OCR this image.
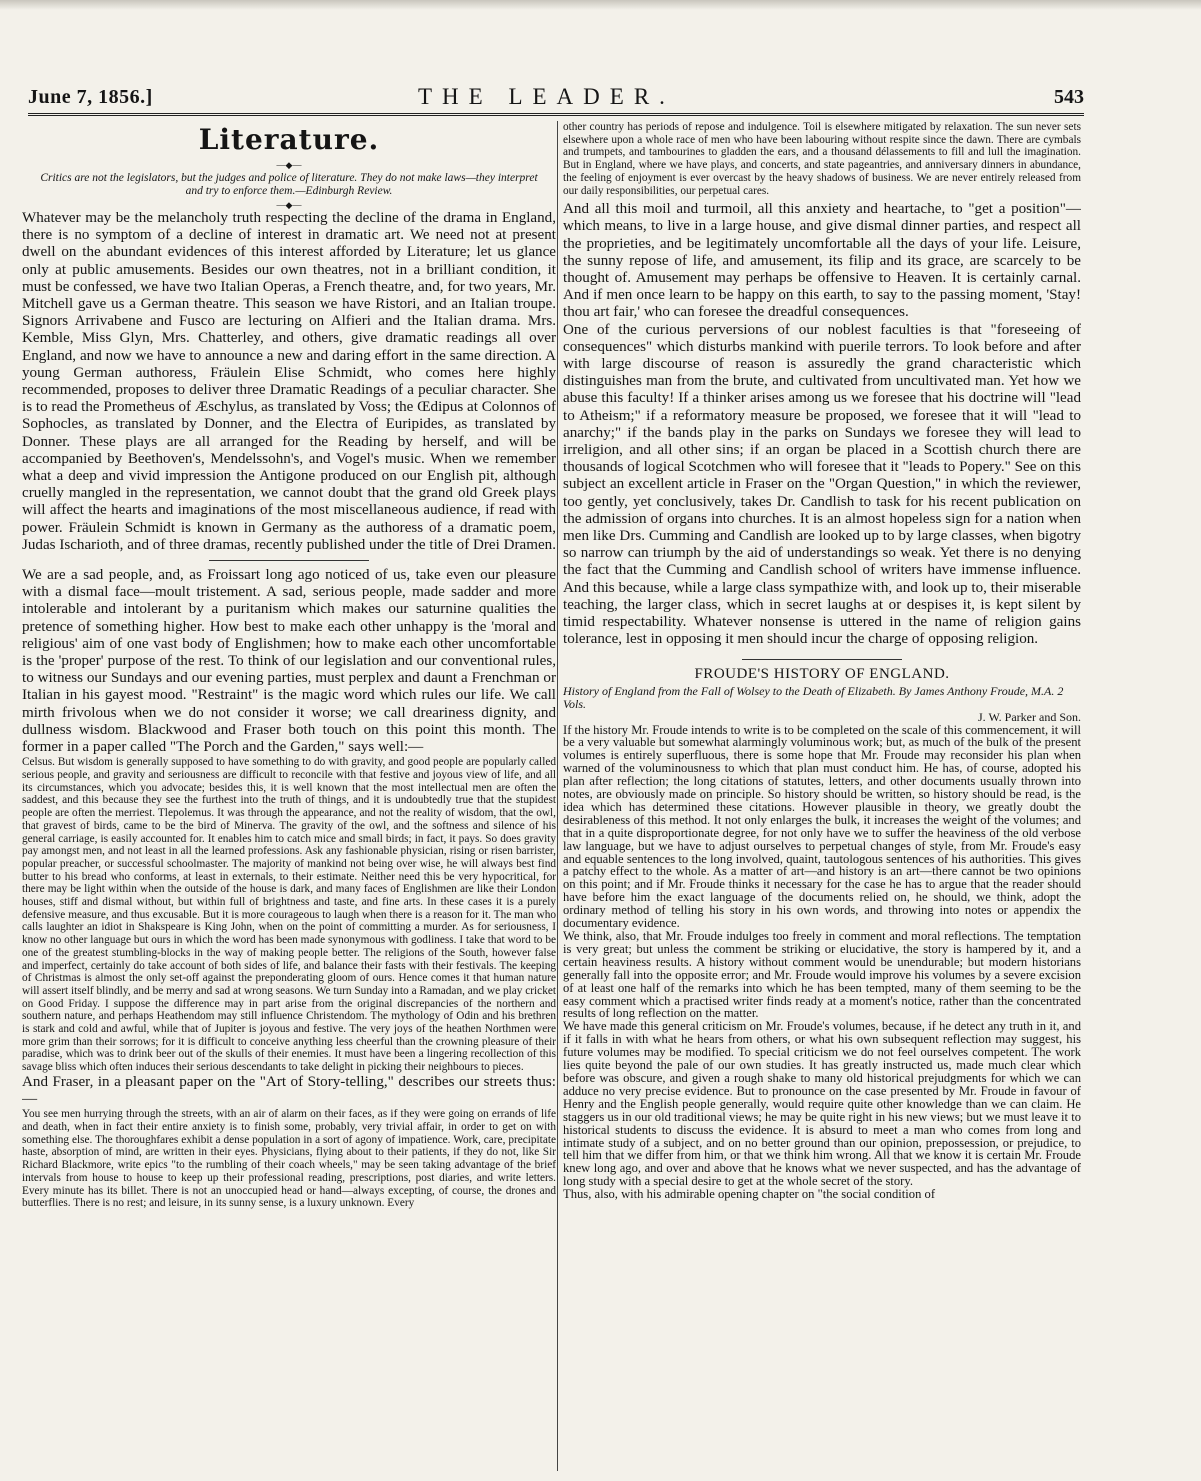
June 7, 1856.]	THE LEADER.	543
Literature.
—◆—
Critics are not the legislators, but the judges and police of literature. They do not make laws—they interpret and try to enforce them.—Edinburgh Review.
—◆—

Whatever may be the melancholy truth respecting the decline of the drama in England, there is no symptom of a decline of interest in dramatic art. We need not at present dwell on the abundant evidences of this interest afforded by Literature; let us glance only at public amusements. Besides our own theatres, not in a brilliant condition, it must be confessed, we have two Italian Operas, a French theatre, and, for two years, Mr. Mitchell gave us a German theatre. This season we have Ristori, and an Italian troupe. Signors Arrivabene and Fusco are lecturing on Alfieri and the Italian drama. Mrs. Kemble, Miss Glyn, Mrs. Chatterley, and others, give dramatic readings all over England, and now we have to announce a new and daring effort in the same direction. A young German authoress, Fräulein Elise Schmidt, who comes here highly recommended, proposes to deliver three Dramatic Readings of a peculiar character. She is to read the Prometheus of Æschylus, as translated by Voss; the Œdipus at Colonnos of Sophocles, as translated by Donner, and the Electra of Euripides, as translated by Donner. These plays are all arranged for the Reading by herself, and will be accompanied by Beethoven's, Mendelssohn's, and Vogel's music. When we remember what a deep and vivid impression the Antigone produced on our English pit, although cruelly mangled in the representation, we cannot doubt that the grand old Greek plays will affect the hearts and imaginations of the most miscellaneous audience, if read with power. Fräulein Schmidt is known in Germany as the authoress of a dramatic poem, Judas Ischarioth, and of three dramas, recently published under the title of Drei Dramen.

We are a sad people, and, as Froissart long ago noticed of us, take even our pleasure with a dismal face—moult tristement. A sad, serious people, made sadder and more intolerable and intolerant by a puritanism which makes our saturnine qualities the pretence of something higher. How best to make each other unhappy is the 'moral and religious' aim of one vast body of Englishmen; how to make each other uncomfortable is the 'proper' purpose of the rest. To think of our legislation and our conventional rules, to witness our Sundays and our evening parties, must perplex and daunt a Frenchman or Italian in his gayest mood. "Restraint" is the magic word which rules our life. We call mirth frivolous when we do not consider it worse; we call dreariness dignity, and dullness wisdom. Blackwood and Fraser both touch on this point this month. The former in a paper called "The Porch and the Garden," says well:—

Celsus. But wisdom is generally supposed to have something to do with gravity, and good people are popularly called serious people, and gravity and seriousness are difficult to reconcile with that festive and joyous view of life, and all its circumstances, which you advocate; besides this, it is well known that the most intellectual men are often the saddest, and this because they see the furthest into the truth of things, and it is undoubtedly true that the stupidest people are often the merriest. Tlepolemus. It was through the appearance, and not the reality of wisdom, that the owl, that gravest of birds, came to be the bird of Minerva. The gravity of the owl, and the softness and silence of his general carriage, is easily accounted for. It enables him to catch mice and small birds; in fact, it pays. So does gravity pay amongst men, and not least in all the learned professions. Ask any fashionable physician, rising or risen barrister, popular preacher, or successful schoolmaster. The majority of mankind not being over wise, he will always best find butter to his bread who conforms, at least in externals, to their estimate. Neither need this be very hypocritical, for there may be light within when the outside of the house is dark, and many faces of Englishmen are like their London houses, stiff and dismal without, but within full of brightness and taste, and fine arts. In these cases it is a purely defensive measure, and thus excusable. But it is more courageous to laugh when there is a reason for it. The man who calls laughter an idiot in Shakspeare is King John, when on the point of committing a murder. As for seriousness, I know no other language but ours in which the word has been made synonymous with godliness. I take that word to be one of the greatest stumbling-blocks in the way of making people better. The religions of the South, however false and imperfect, certainly do take account of both sides of life, and balance their fasts with their festivals. The keeping of Christmas is almost the only set-off against the preponderating gloom of ours. Hence comes it that human nature will assert itself blindly, and be merry and sad at wrong seasons. We turn Sunday into a Ramadan, and we play cricket on Good Friday. I suppose the difference may in part arise from the original discrepancies of the northern and southern nature, and perhaps Heathendom may still influence Christendom. The mythology of Odin and his brethren is stark and cold and awful, while that of Jupiter is joyous and festive. The very joys of the heathen Northmen were more grim than their sorrows; for it is difficult to conceive anything less cheerful than the crowning pleasure of their paradise, which was to drink beer out of the skulls of their enemies. It must have been a lingering recollection of this savage bliss which often induces their serious descendants to take delight in picking their neighbours to pieces.

And Fraser, in a pleasant paper on the "Art of Story-telling," describes our streets thus:—

You see men hurrying through the streets, with an air of alarm on their faces, as if they were going on errands of life and death, when in fact their entire anxiety is to finish some, probably, very trivial affair, in order to get on with something else. The thoroughfares exhibit a dense population in a sort of agony of impatience. Work, care, precipitate haste, absorption of mind, are written in their eyes. Physicians, flying about to their patients, if they do not, like Sir Richard Blackmore, write epics "to the rumbling of their coach wheels," may be seen taking advantage of the brief intervals from house to house to keep up their professional reading, prescriptions, post diaries, and write letters. Every minute has its billet. There is not an unoccupied head or hand—always excepting, of course, the drones and butterflies. There is no rest; and leisure, in its sunny sense, is a luxury unknown. Every

other country has periods of repose and indulgence. Toil is elsewhere mitigated by relaxation. The sun never sets elsewhere upon a whole race of men who have been labouring without respite since the dawn. There are cymbals and trumpets, and tambourines to gladden the ears, and a thousand délassements to fill and lull the imagination. But in England, where we have plays, and concerts, and state pageantries, and anniversary dinners in abundance, the feeling of enjoyment is ever overcast by the heavy shadows of business. We are never entirely released from our daily responsibilities, our perpetual cares.

And all this moil and turmoil, all this anxiety and heartache, to "get a position"—which means, to live in a large house, and give dismal dinner parties, and respect all the proprieties, and be legitimately uncomfortable all the days of your life. Leisure, the sunny repose of life, and amusement, its filip and its grace, are scarcely to be thought of. Amusement may perhaps be offensive to Heaven. It is certainly carnal. And if men once learn to be happy on this earth, to say to the passing moment, 'Stay! thou art fair,' who can foresee the dreadful consequences.

One of the curious perversions of our noblest faculties is that "foreseeing of consequences" which disturbs mankind with puerile terrors. To look before and after with large discourse of reason is assuredly the grand characteristic which distinguishes man from the brute, and cultivated from uncultivated man. Yet how we abuse this faculty! If a thinker arises among us we foresee that his doctrine will "lead to Atheism;" if a reformatory measure be proposed, we foresee that it will "lead to anarchy;" if the bands play in the parks on Sundays we foresee they will lead to irreligion, and all other sins; if an organ be placed in a Scottish church there are thousands of logical Scotchmen who will foresee that it "leads to Popery." See on this subject an excellent article in Fraser on the "Organ Question," in which the reviewer, too gently, yet conclusively, takes Dr. Candlish to task for his recent publication on the admission of organs into churches. It is an almost hopeless sign for a nation when men like Drs. Cumming and Candlish are looked up to by large classes, when bigotry so narrow can triumph by the aid of understandings so weak. Yet there is no denying the fact that the Cumming and Candlish school of writers have immense influence. And this because, while a large class sympathize with, and look up to, their miserable teaching, the larger class, which in secret laughs at or despises it, is kept silent by timid respectability. Whatever nonsense is uttered in the name of religion gains tolerance, lest in opposing it men should incur the charge of opposing religion.

FROUDE'S HISTORY OF ENGLAND.
History of England from the Fall of Wolsey to the Death of Elizabeth. By James Anthony Froude, M.A. 2 Vols.
J. W. Parker and Son.

If the history Mr. Froude intends to write is to be completed on the scale of this commencement, it will be a very valuable but somewhat alarmingly voluminous work; but, as much of the bulk of the present volumes is entirely superfluous, there is some hope that Mr. Froude may reconsider his plan when warned of the voluminousness to which that plan must conduct him. He has, of course, adopted his plan after reflection; the long citations of statutes, letters, and other documents usually thrown into notes, are obviously made on principle. So history should be written, so history should be read, is the idea which has determined these citations. However plausible in theory, we greatly doubt the desirableness of this method. It not only enlarges the bulk, it increases the weight of the volumes; and that in a quite disproportionate degree, for not only have we to suffer the heaviness of the old verbose law language, but we have to adjust ourselves to perpetual changes of style, from Mr. Froude's easy and equable sentences to the long involved, quaint, tautologous sentences of his authorities. This gives a patchy effect to the whole. As a matter of art—and history is an art—there cannot be two opinions on this point; and if Mr. Froude thinks it necessary for the case he has to argue that the reader should have before him the exact language of the documents relied on, he should, we think, adopt the ordinary method of telling his story in his own words, and throwing into notes or appendix the documentary evidence.

We think, also, that Mr. Froude indulges too freely in comment and moral reflections. The temptation is very great; but unless the comment be striking or elucidative, the story is hampered by it, and a certain heaviness results. A history without comment would be unendurable; but modern historians generally fall into the opposite error; and Mr. Froude would improve his volumes by a severe excision of at least one half of the remarks into which he has been tempted, many of them seeming to be the easy comment which a practised writer finds ready at a moment's notice, rather than the concentrated results of long reflection on the matter.

We have made this general criticism on Mr. Froude's volumes, because, if he detect any truth in it, and if it falls in with what he hears from others, or what his own subsequent reflection may suggest, his future volumes may be modified. To special criticism we do not feel ourselves competent. The work lies quite beyond the pale of our own studies. It has greatly instructed us, made much clear which before was obscure, and given a rough shake to many old historical prejudgments for which we can adduce no very precise evidence. But to pronounce on the case presented by Mr. Froude in favour of Henry and the English people generally, would require quite other knowledge than we can claim. He staggers us in our old traditional views; he may be quite right in his new views; but we must leave it to historical students to discuss the evidence. It is absurd to meet a man who comes from long and intimate study of a subject, and on no better ground than our opinion, prepossession, or prejudice, to tell him that we differ from him, or that we think him wrong. All that we know it is certain Mr. Froude knew long ago, and over and above that he knows what we never suspected, and has the advantage of long study with a special desire to get at the whole secret of the story.

Thus, also, with his admirable opening chapter on "the social condition of
